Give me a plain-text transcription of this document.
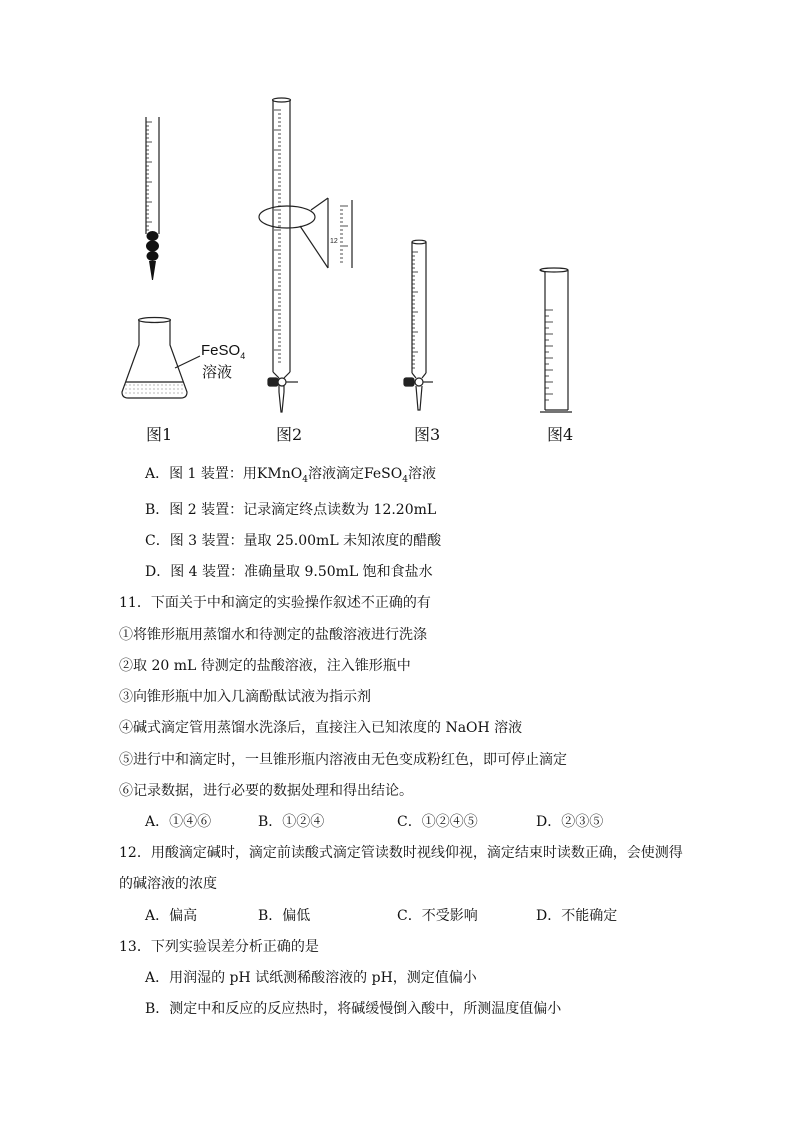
12
FeSO$_4$
溶液
图1	图2	图3	图4
A．图 1 装置：用KMnO$_4$溶液滴定FeSO$_4$溶液
B．图 2 装置：记录滴定终点读数为 12.20mL
C．图 3 装置：量取 25.00mL 未知浓度的醋酸
D．图 4 装置：准确量取 9.50mL 饱和食盐水
11．下面关于中和滴定的实验操作叙述不正确的有
①将锥形瓶用蒸馏水和待测定的盐酸溶液进行洗涤
②取 20 mL 待测定的盐酸溶液，注入锥形瓶中
③向锥形瓶中加入几滴酚酞试液为指示剂
④碱式滴定管用蒸馏水洗涤后，直接注入已知浓度的 NaOH 溶液
⑤进行中和滴定时，一旦锥形瓶内溶液由无色变成粉红色，即可停止滴定
⑥记录数据，进行必要的数据处理和得出结论。
A．①④⑥	B．①②④	C．①②④⑤	D．②③⑤
12．用酸滴定碱时，滴定前读酸式滴定管读数时视线仰视，滴定结束时读数正确，会使测得
的碱溶液的浓度
A．偏高	B．偏低	C．不受影响	D．不能确定
13．下列实验误差分析正确的是
A．用润湿的 pH 试纸测稀酸溶液的 pH，测定值偏小
B．测定中和反应的反应热时，将碱缓慢倒入酸中，所测温度值偏小
